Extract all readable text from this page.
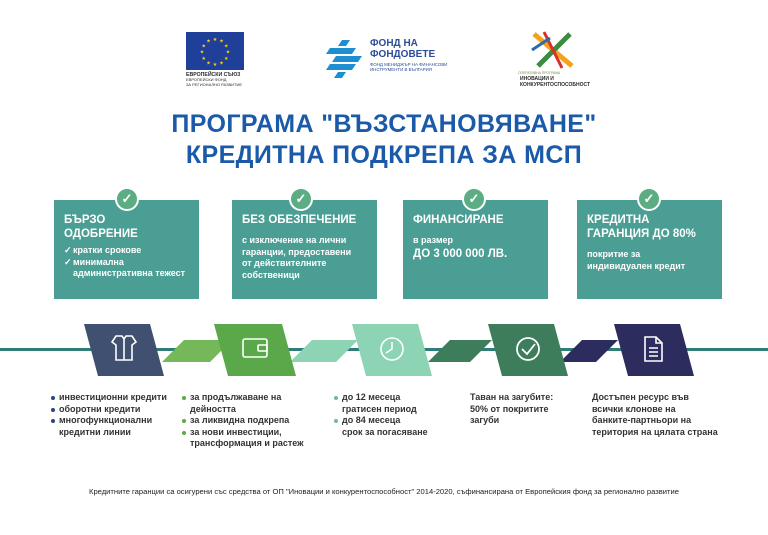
★ ★
★
★
★
★
★
★
★
★
★
★
ЕВРОПЕЙСКИ СЪЮЗ
ЕВРОПЕЙСКИ ФОНД
ЗА РЕГИОНАЛНО РАЗВИТИЕ
ФОНД НА
ФОНДОВЕТЕ
ФОНД МЕНИДЖЪР НА ФИНАНСОВИ ИНСТРУМЕНТИ В БЪЛГАРИЯ
ОПЕРАТИВНА ПРОГРАМА
ИНОВАЦИИ И
КОНКУРЕНТОСПОСОБНОСТ
ПРОГРАМА "ВЪЗСТАНОВЯВАНЕ"
КРЕДИТНА ПОДКРЕПА ЗА МСП
БЪРЗО
ОДОБРЕНИЕ
✓ кратки срокове
✓ минимална
административна тежест
✓
БЕЗ ОБЕЗПЕЧЕНИЕ
с изключение на лични
гаранции, предоставени
от действителните
собственици
✓
ФИНАНСИРАНЕ
в размер
ДО 3 000 000 ЛВ.
✓
КРЕДИТНА
ГАРАНЦИЯ ДО 80%
покритие за
индивидуален кредит
✓
инвестиционни кредити
оборотни кредити
многофункционални
кредитни линии
за продължаване на
дейността
за ликвидна подкрепа
за нови инвестиции,
трансформация и растеж
до 12 месеца
гратисен период
до 84 месеца
срок за погасяване

Таван на загубите:

50% от покритите

загуби

Достъпен ресурс във

всички клонове на

банките-партньори на

територия на цялата страна

Кредитните гаранции са осигурени със средства от ОП "Иновации и конкурентоспособност" 2014-2020, съфинансирана от Европейския фонд за регионално развитие
